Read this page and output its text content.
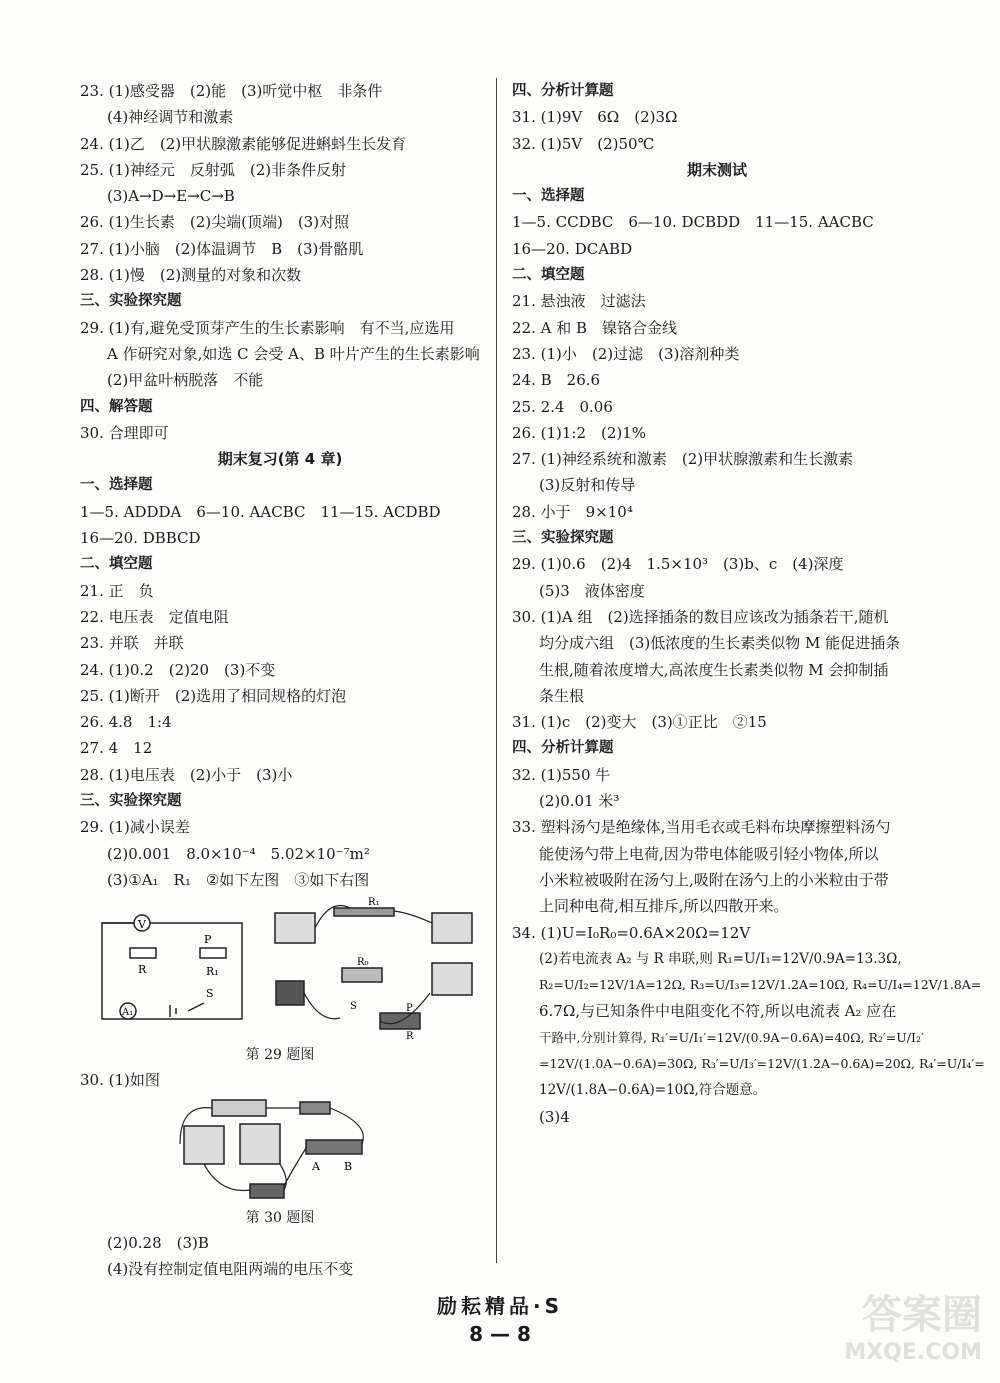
23. (1)感受器　(2)能　(3)听觉中枢　非条件
(4)神经调节和激素
24. (1)乙　(2)甲状腺激素能够促进蝌蚪生长发育
25. (1)神经元　反射弧　(2)非条件反射
(3)A→D→E→C→B
26. (1)生长素　(2)尖端(顶端)　(3)对照
27. (1)小脑　(2)体温调节　B　(3)骨骼肌
28. (1)慢　(2)测量的对象和次数
三、实验探究题
29. (1)有,避免受顶芽产生的生长素影响　有不当,应选用
A 作研究对象,如选 C 会受 A、B 叶片产生的生长素影响
(2)甲盆叶柄脱落　不能
四、解答题
30. 合理即可
期末复习(第 4 章)
一、选择题
1—5. ADDDA　6—10. AACBC　11—15. ACDBD
16—20. DBBCD
二、填空题
21. 正　负
22. 电压表　定值电阻
23. 并联　并联
24. (1)0.2　(2)20　(3)不变
25. (1)断开　(2)选用了相同规格的灯泡
26. 4.8　1:4
27. 4　12
28. (1)电压表　(2)小于　(3)小
三、实验探究题
29. (1)减小误差
(2)0.001　8.0×10⁻⁴　5.02×10⁻⁷m²
(3)①A₁　R₁　②如下左图　③如下右图
V
R
P
R₁
A₁
S
R₁
R₀
S	P
R
第 29 题图
30. (1)如图
A B
第 30 题图
(2)0.28　(3)B
(4)没有控制定值电阻两端的电压不变
四、分析计算题
31. (1)9V　6Ω　(2)3Ω
32. (1)5V　(2)50℃
期末测试
一、选择题
1—5. CCDBC　6—10. DCBDD　11—15. AACBC
16—20. DCABD
二、填空题
21. 悬浊液　过滤法
22. A 和 B　镍铬合金线
23. (1)小　(2)过滤　(3)溶剂种类
24. B　26.6
25. 2.4　0.06
26. (1)1:2　(2)1%
27. (1)神经系统和激素　(2)甲状腺激素和生长激素
(3)反射和传导
28. 小于　9×10⁴
三、实验探究题
29. (1)0.6　(2)4　1.5×10³　(3)b、c　(4)深度
(5)3　液体密度
30. (1)A 组　(2)选择插条的数目应该改为插条若干,随机
均分成六组　(3)低浓度的生长素类似物 M 能促进插条
生根,随着浓度增大,高浓度生长素类似物 M 会抑制插
条生根
31. (1)c　(2)变大　(3)①正比　②15
四、分析计算题
32. (1)550 牛
(2)0.01 米³
33. 塑料汤勺是绝缘体,当用毛衣或毛料布块摩擦塑料汤勺
能使汤勺带上电荷,因为带电体能吸引轻小物体,所以
小米粒被吸附在汤勺上,吸附在汤勺上的小米粒由于带
上同种电荷,相互排斥,所以四散开来。
34. (1)U=I₀R₀=0.6A×20Ω=12V
(2)若电流表 A₂ 与 R 串联,则 R₁=U/I₁=12V/0.9A=13.3Ω,
R₂=U/I₂=12V/1A=12Ω, R₃=U/I₃=12V/1.2A=10Ω, R₄=U/I₄=12V/1.8A=
6.7Ω,与已知条件中电阻变化不符,所以电流表 A₂ 应在
干路中,分别计算得, R₁′=U/I₁′=12V/(0.9A−0.6A)=40Ω, R₂′=U/I₂′
=12V/(1.0A−0.6A)=30Ω, R₃′=U/I₃′=12V/(1.2A−0.6A)=20Ω, R₄′=U/I₄′=
12V/(1.8A−0.6A)=10Ω,符合题意。
(3)4
励耘精品·S
8 — 8	答案圈
MXQE.COM
